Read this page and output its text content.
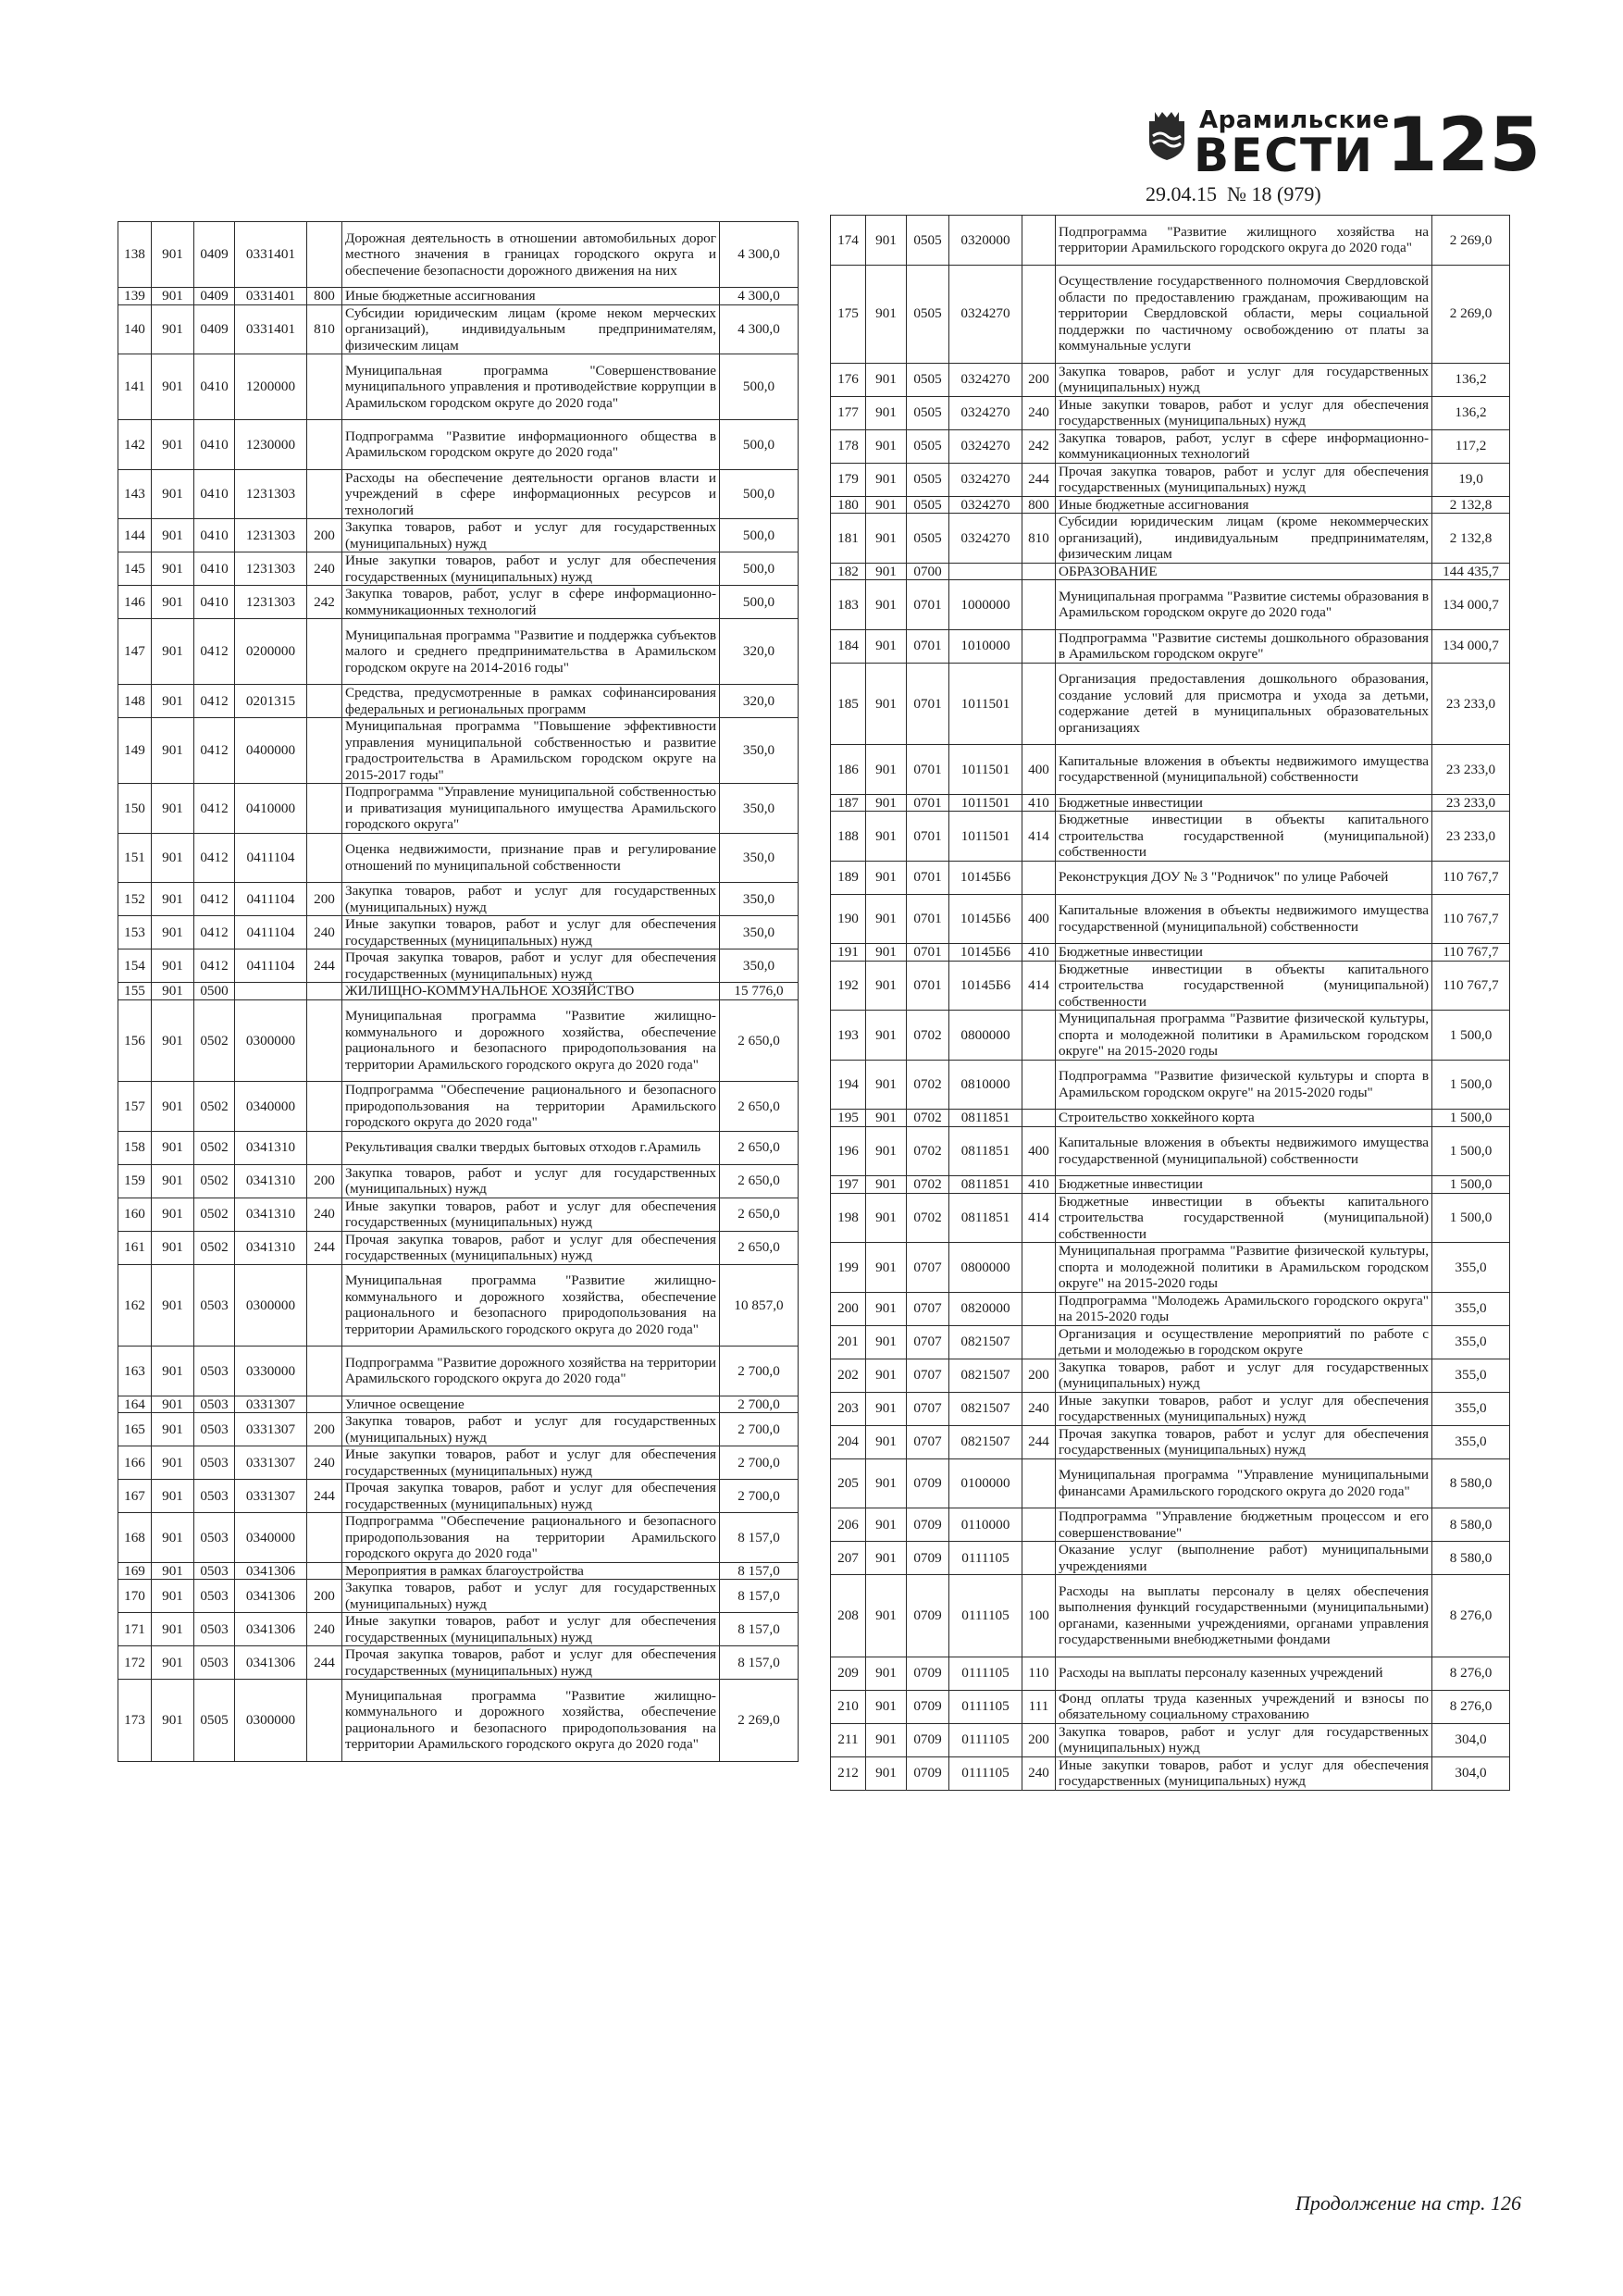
Арамильские
ВЕСТИ 125
29.04.15 № 18 (979)
138	901	0409	0331401		Дорожная деятельность в отношении автомобильных дорог местного значения в границах городского округа и обеспечение безопасности дорожного движения на них	4 300,0
139	901	0409	0331401	800	Иные бюджетные ассигнования	4 300,0
140	901	0409	0331401	810	Субсидии юридическим лицам (кроме неком мерческих организаций), индивидуальным предпринимателям, физическим лицам	4 300,0
141	901	0410	1200000		Муниципальная программа "Совершенствование муниципального управления и противодействие коррупции в Арамильском городском округе до 2020 года"	500,0
142	901	0410	1230000		Подпрограмма "Развитие информационного общества в Арамильском городском округе до 2020 года"	500,0
143	901	0410	1231303		Расходы на обеспечение деятельности органов власти и учреждений в сфере информационных ресурсов и технологий	500,0
144	901	0410	1231303	200	Закупка товаров, работ и услуг для государственных (муниципальных) нужд	500,0
145	901	0410	1231303	240	Иные закупки товаров, работ и услуг для обеспечения государственных (муниципальных) нужд	500,0
146	901	0410	1231303	242	Закупка товаров, работ, услуг в сфере информационно-коммуникационных технологий	500,0
147	901	0412	0200000		Муниципальная программа "Развитие и поддержка субъектов малого и среднего предпринимательства в Арамильском городском округе на 2014-2016 годы"	320,0
148	901	0412	0201315		Средства, предусмотренные в рамках софинансирования федеральных и региональных программ	320,0
149	901	0412	0400000		Муниципальная программа "Повышение эффективности управления муниципальной собственностью и развитие градостроительства в Арамильском городском округе на 2015-2017 годы"	350,0
150	901	0412	0410000		Подпрограмма "Управление муниципальной собственностью и приватизация муниципального имущества Арамильского городского округа"	350,0
151	901	0412	0411104		Оценка недвижимости, признание прав и регулирование отношений по муниципальной собственности	350,0
152	901	0412	0411104	200	Закупка товаров, работ и услуг для государственных (муниципальных) нужд	350,0
153	901	0412	0411104	240	Иные закупки товаров, работ и услуг для обеспечения государственных (муниципальных) нужд	350,0
154	901	0412	0411104	244	Прочая закупка товаров, работ и услуг для обеспечения государственных (муниципальных) нужд	350,0
155	901	0500			ЖИЛИЩНО-КОММУНАЛЬНОЕ ХОЗЯЙСТВО	15 776,0
156	901	0502	0300000		Муниципальная программа "Развитие жилищно-коммунального и дорожного хозяйства, обеспечение рационального и безопасного природопользования на территории Арамильского городского округа до 2020 года"	2 650,0
157	901	0502	0340000		Подпрограмма "Обеспечение рационального и безопасного природопользования на территории Арамильского городского округа до 2020 года"	2 650,0
158	901	0502	0341310		Рекультивация свалки твердых бытовых отходов г.Арамиль	2 650,0
159	901	0502	0341310	200	Закупка товаров, работ и услуг для государственных (муниципальных) нужд	2 650,0
160	901	0502	0341310	240	Иные закупки товаров, работ и услуг для обеспечения государственных (муниципальных) нужд	2 650,0
161	901	0502	0341310	244	Прочая закупка товаров, работ и услуг для обеспечения государственных (муниципальных) нужд	2 650,0
162	901	0503	0300000		Муниципальная программа "Развитие жилищно-коммунального и дорожного хозяйства, обеспечение рационального и безопасного природопользования на территории Арамильского городского округа до 2020 года"	10 857,0
163	901	0503	0330000		Подпрограмма "Развитие дорожного хозяйства на территории Арамильского городского округа до 2020 года"	2 700,0
164	901	0503	0331307		Уличное освещение	2 700,0
165	901	0503	0331307	200	Закупка товаров, работ и услуг для государственных (муниципальных) нужд	2 700,0
166	901	0503	0331307	240	Иные закупки товаров, работ и услуг для обеспечения государственных (муниципальных) нужд	2 700,0
167	901	0503	0331307	244	Прочая закупка товаров, работ и услуг для обеспечения государственных (муниципальных) нужд	2 700,0
168	901	0503	0340000		Подпрограмма "Обеспечение рационального и безопасного природопользования на территории Арамильского городского округа до 2020 года"	8 157,0
169	901	0503	0341306		Мероприятия в рамках благоустройства	8 157,0
170	901	0503	0341306	200	Закупка товаров, работ и услуг для государственных (муниципальных) нужд	8 157,0
171	901	0503	0341306	240	Иные закупки товаров, работ и услуг для обеспечения государственных (муниципальных) нужд	8 157,0
172	901	0503	0341306	244	Прочая закупка товаров, работ и услуг для обеспечения государственных (муниципальных) нужд	8 157,0
173	901	0505	0300000		Муниципальная программа "Развитие жилищно-коммунального и дорожного хозяйства, обеспечение рационального и безопасного природопользования на территории Арамильского городского округа до 2020 года"	2 269,0
174	901	0505	0320000		Подпрограмма "Развитие жилищного хозяйства на территории Арамильского городского округа до 2020 года"	2 269,0
175	901	0505	0324270		Осуществление государственного полномочия Свердловской области по предоставлению гражданам, проживающим на территории Свердловской области, меры социальной поддержки по частичному освобождению от платы за коммунальные услуги	2 269,0
176	901	0505	0324270	200	Закупка товаров, работ и услуг для государственных (муниципальных) нужд	136,2
177	901	0505	0324270	240	Иные закупки товаров, работ и услуг для обеспечения государственных (муниципальных) нужд	136,2
178	901	0505	0324270	242	Закупка товаров, работ, услуг в сфере информационно-коммуникационных технологий	117,2
179	901	0505	0324270	244	Прочая закупка товаров, работ и услуг для обеспечения государственных (муниципальных) нужд	19,0
180	901	0505	0324270	800	Иные бюджетные ассигнования	2 132,8
181	901	0505	0324270	810	Субсидии юридическим лицам (кроме некоммерческих организаций), индивидуальным предпринимателям, физическим лицам	2 132,8
182	901	0700			ОБРАЗОВАНИЕ	144 435,7
183	901	0701	1000000		Муниципальная программа "Развитие системы образования в Арамильском городском округе до 2020 года"	134 000,7
184	901	0701	1010000		Подпрограмма "Развитие системы дошкольного образования в Арамильском городском округе"	134 000,7
185	901	0701	1011501		Организация предоставления дошкольного образования, создание условий для присмотра и ухода за детьми, содержание детей в муниципальных образовательных организациях	23 233,0
186	901	0701	1011501	400	Капитальные вложения в объекты недвижимого имущества государственной (муниципальной) собственности	23 233,0
187	901	0701	1011501	410	Бюджетные инвестиции	23 233,0
188	901	0701	1011501	414	Бюджетные инвестиции в объекты капитального строительства государственной (муниципальной) собственности	23 233,0
189	901	0701	10145Б6		Реконструкция ДОУ № 3 "Родничок" по улице Рабочей	110 767,7
190	901	0701	10145Б6	400	Капитальные вложения в объекты недвижимого имущества государственной (муниципальной) собственности	110 767,7
191	901	0701	10145Б6	410	Бюджетные инвестиции	110 767,7
192	901	0701	10145Б6	414	Бюджетные инвестиции в объекты капитального строительства государственной (муниципальной) собственности	110 767,7
193	901	0702	0800000		Муниципальная программа "Развитие физической культуры, спорта и молодежной политики в Арамильском городском округе" на 2015-2020 годы	1 500,0
194	901	0702	0810000		Подпрограмма "Развитие физической культуры и спорта в Арамильском городском округе" на 2015-2020 годы"	1 500,0
195	901	0702	0811851		Строительство хоккейного корта	1 500,0
196	901	0702	0811851	400	Капитальные вложения в объекты недвижимого имущества государственной (муниципальной) собственности	1 500,0
197	901	0702	0811851	410	Бюджетные инвестиции	1 500,0
198	901	0702	0811851	414	Бюджетные инвестиции в объекты капитального строительства государственной (муниципальной) собственности	1 500,0
199	901	0707	0800000		Муниципальная программа "Развитие физической культуры, спорта и молодежной политики в Арамильском городском округе" на 2015-2020 годы	355,0
200	901	0707	0820000		Подпрограмма "Молодежь Арамильского городского округа" на 2015-2020 годы	355,0
201	901	0707	0821507		Организация и осуществление мероприятий по работе с детьми и молодежью в городском округе	355,0
202	901	0707	0821507	200	Закупка товаров, работ и услуг для государственных (муниципальных) нужд	355,0
203	901	0707	0821507	240	Иные закупки товаров, работ и услуг для обеспечения государственных (муниципальных) нужд	355,0
204	901	0707	0821507	244	Прочая закупка товаров, работ и услуг для обеспечения государственных (муниципальных) нужд	355,0
205	901	0709	0100000		Муниципальная программа "Управление муниципальными финансами Арамильского городского округа до 2020 года"	8 580,0
206	901	0709	0110000		Подпрограмма "Управление бюджетным процессом и его совершенствование"	8 580,0
207	901	0709	0111105		Оказание услуг (выполнение работ) муниципальными учреждениями	8 580,0
208	901	0709	0111105	100	Расходы на выплаты персоналу в целях обеспечения выполнения функций государственными (муниципальными) органами, казенными учреждениями, органами управления государственными внебюджетными фондами	8 276,0
209	901	0709	0111105	110	Расходы на выплаты персоналу казенных учреждений	8 276,0
210	901	0709	0111105	111	Фонд оплаты труда казенных учреждений и взносы по обязательному социальному страхованию	8 276,0
211	901	0709	0111105	200	Закупка товаров, работ и услуг для государственных (муниципальных) нужд	304,0
212	901	0709	0111105	240	Иные закупки товаров, работ и услуг для обеспечения государственных (муниципальных) нужд	304,0
Продолжение на стр. 126
